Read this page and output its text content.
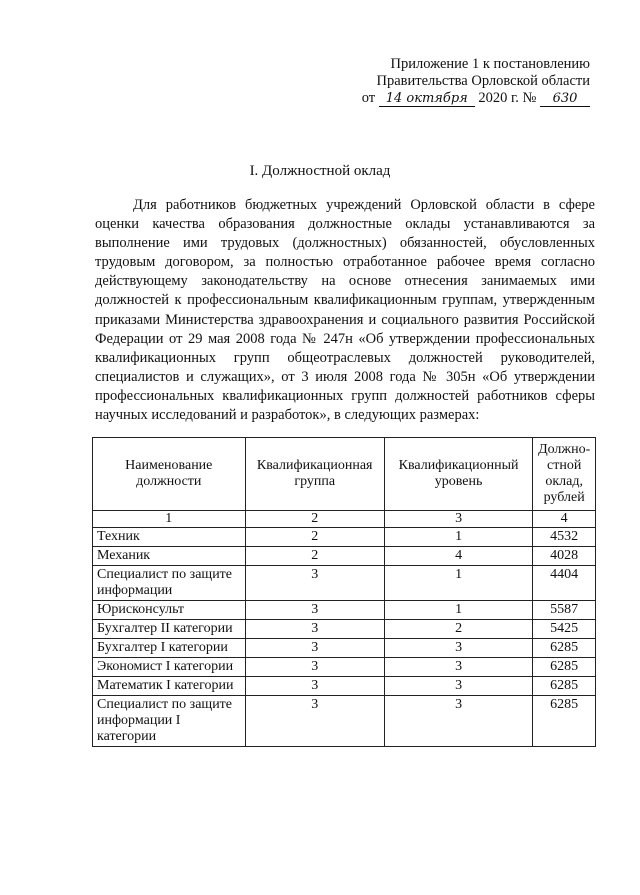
Приложение 1 к постановлению
Правительства Орловской области
от 14 октября 2020 г. № 630
I. Должностной оклад
Для работников бюджетных учреждений Орловской области в сфере оценки качества образования должностные оклады устанавливаются за выполнение ими трудовых (должностных) обязанностей, обусловленных трудовым договором, за полностью отработанное рабочее время согласно действующему законодательству на основе отнесения занимаемых ими должностей к профессиональным квалификационным группам, утвержденным приказами Министерства здравоохранения и социального развития Российской Федерации от 29 мая 2008 года № 247н «Об утверждении профессиональных квалификационных групп общеотраслевых должностей руководителей, специалистов и служащих», от 3 июля 2008 года № 305н «Об утверждении профессиональных квалификационных групп должностей работников сферы научных исследований и разработок», в следующих размерах:
Наименование должности	Квалификационная группа	Квалификационный уровень	Должно-стной оклад, рублей
1	2	3	4
Техник	2	1	4532
Механик	2	4	4028
Специалист по защите информации	3	1	4404
Юрисконсульт	3	1	5587
Бухгалтер II категории	3	2	5425
Бухгалтер I категории	3	3	6285
Экономист I категории	3	3	6285
Математик I категории	3	3	6285
Специалист по защите информации I категории	3	3	6285
